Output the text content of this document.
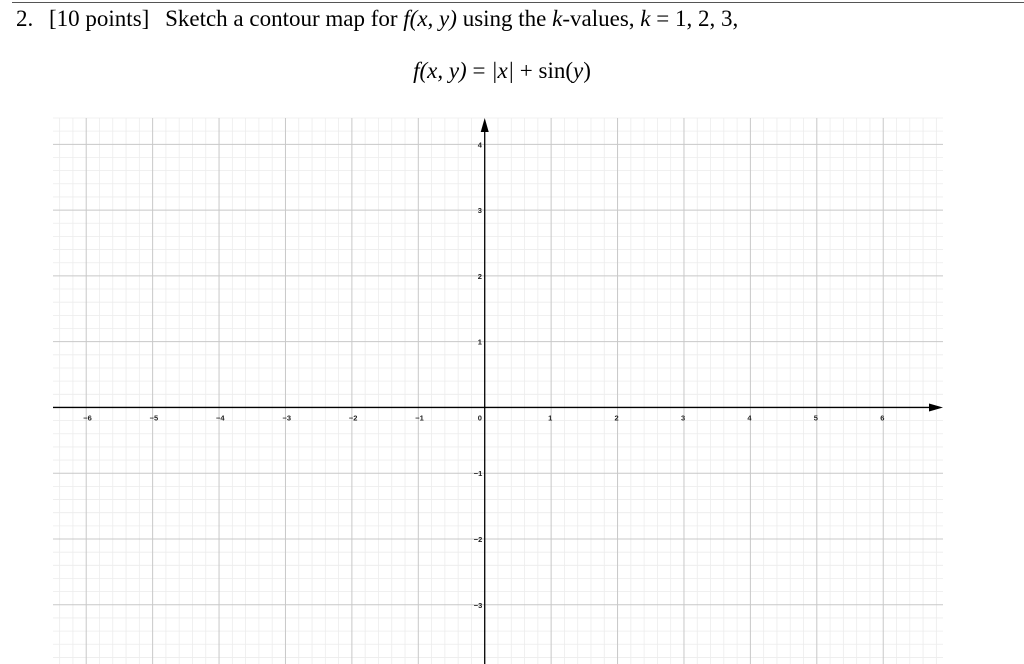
2. [10 points] Sketch a contour map for f(x, y) using the k-values, k = 1, 2, 3,
f(x, y) = |x| + sin(y)
−6	−5	−4	−3	−2	−1	0	1	2	3	4	5	6
4
3
2
1
−1
−2
−3
